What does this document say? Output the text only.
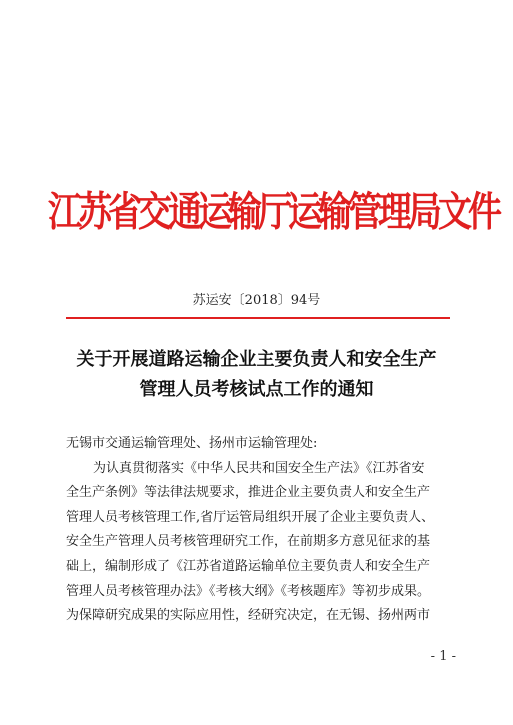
江苏省交通运输厅运输管理局文件
苏运安〔2018〕94号
关于开展道路运输企业主要负责人和安全生产
管理人员考核试点工作的通知
无锡市交通运输管理处、扬州市运输管理处:
为认真贯彻落实《中华人民共和国安全生产法》《江苏省安
全生产条例》等法律法规要求，推进企业主要负责人和安全生产
管理人员考核管理工作,省厅运管局组织开展了企业主要负责人、
安全生产管理人员考核管理研究工作，在前期多方意见征求的基
础上，编制形成了《江苏省道路运输单位主要负责人和安全生产
管理人员考核管理办法》《考核大纲》《考核题库》等初步成果。
为保障研究成果的实际应用性，经研究决定，在无锡、扬州两市
- 1 -
